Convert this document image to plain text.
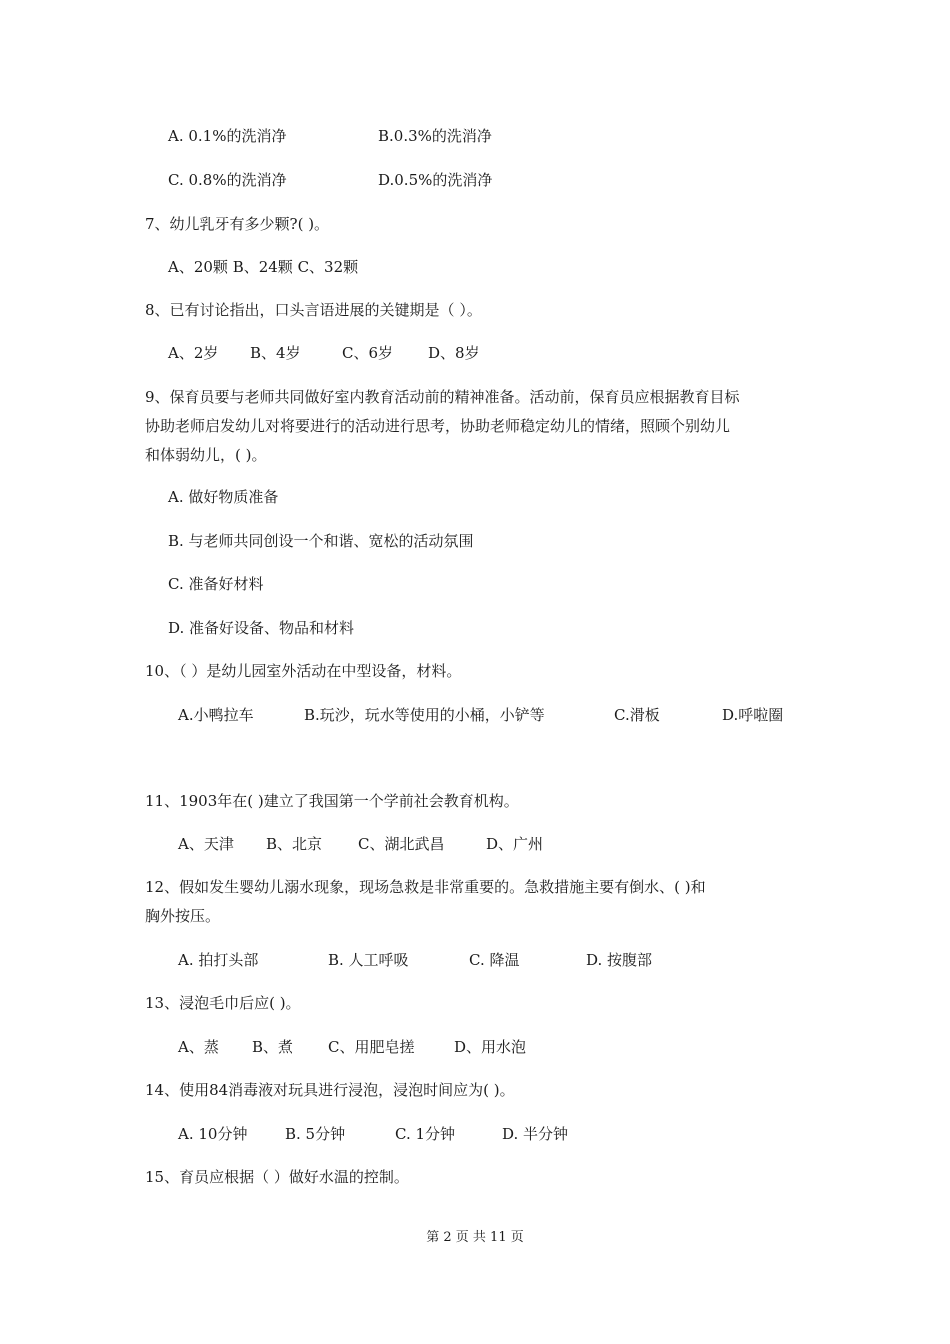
A. 0.1%的洗消净	B.0.3%的洗消净
C. 0.8%的洗消净	D.0.5%的洗消净
7、幼儿乳牙有多少颗?( )。
A、20颗 B、24颗 C、32颗
8、已有讨论指出，口头言语进展的关键期是（ ）。
A、2岁 B、4岁	C、6岁 D、8岁
9、保育员要与老师共同做好室内教育活动前的精神准备。活动前，保育员应根据教育目标
协助老师启发幼儿对将要进行的活动进行思考，协助老师稳定幼儿的情绪，照顾个别幼儿
和体弱幼儿，( )。
A. 做好物质准备
B. 与老师共同创设一个和谐、宽松的活动氛围
C. 准备好材料
D. 准备好设备、物品和材料
10、（ ）是幼儿园室外活动在中型设备，材料。
A.小鸭拉车	B.玩沙，玩水等使用的小桶，小铲等	C.滑板	D.呼啦圈
11、1903年在( )建立了我国第一个学前社会教育机构。
A、天津 B、北京 C、湖北武昌	D、广州
12、假如发生婴幼儿溺水现象，现场急救是非常重要的。急救措施主要有倒水、( )和
胸外按压。
A. 拍打头部	B. 人工呼吸	C. 降温	D. 按腹部
13、浸泡毛巾后应( )。
A、蒸 B、煮 C、用肥皂搓	D、用水泡
14、使用84消毒液对玩具进行浸泡，浸泡时间应为( )。
A. 10分钟	B. 5分钟	C. 1分钟	D. 半分钟
15、育员应根据（ ）做好水温的控制。
第 2 页 共 11 页
